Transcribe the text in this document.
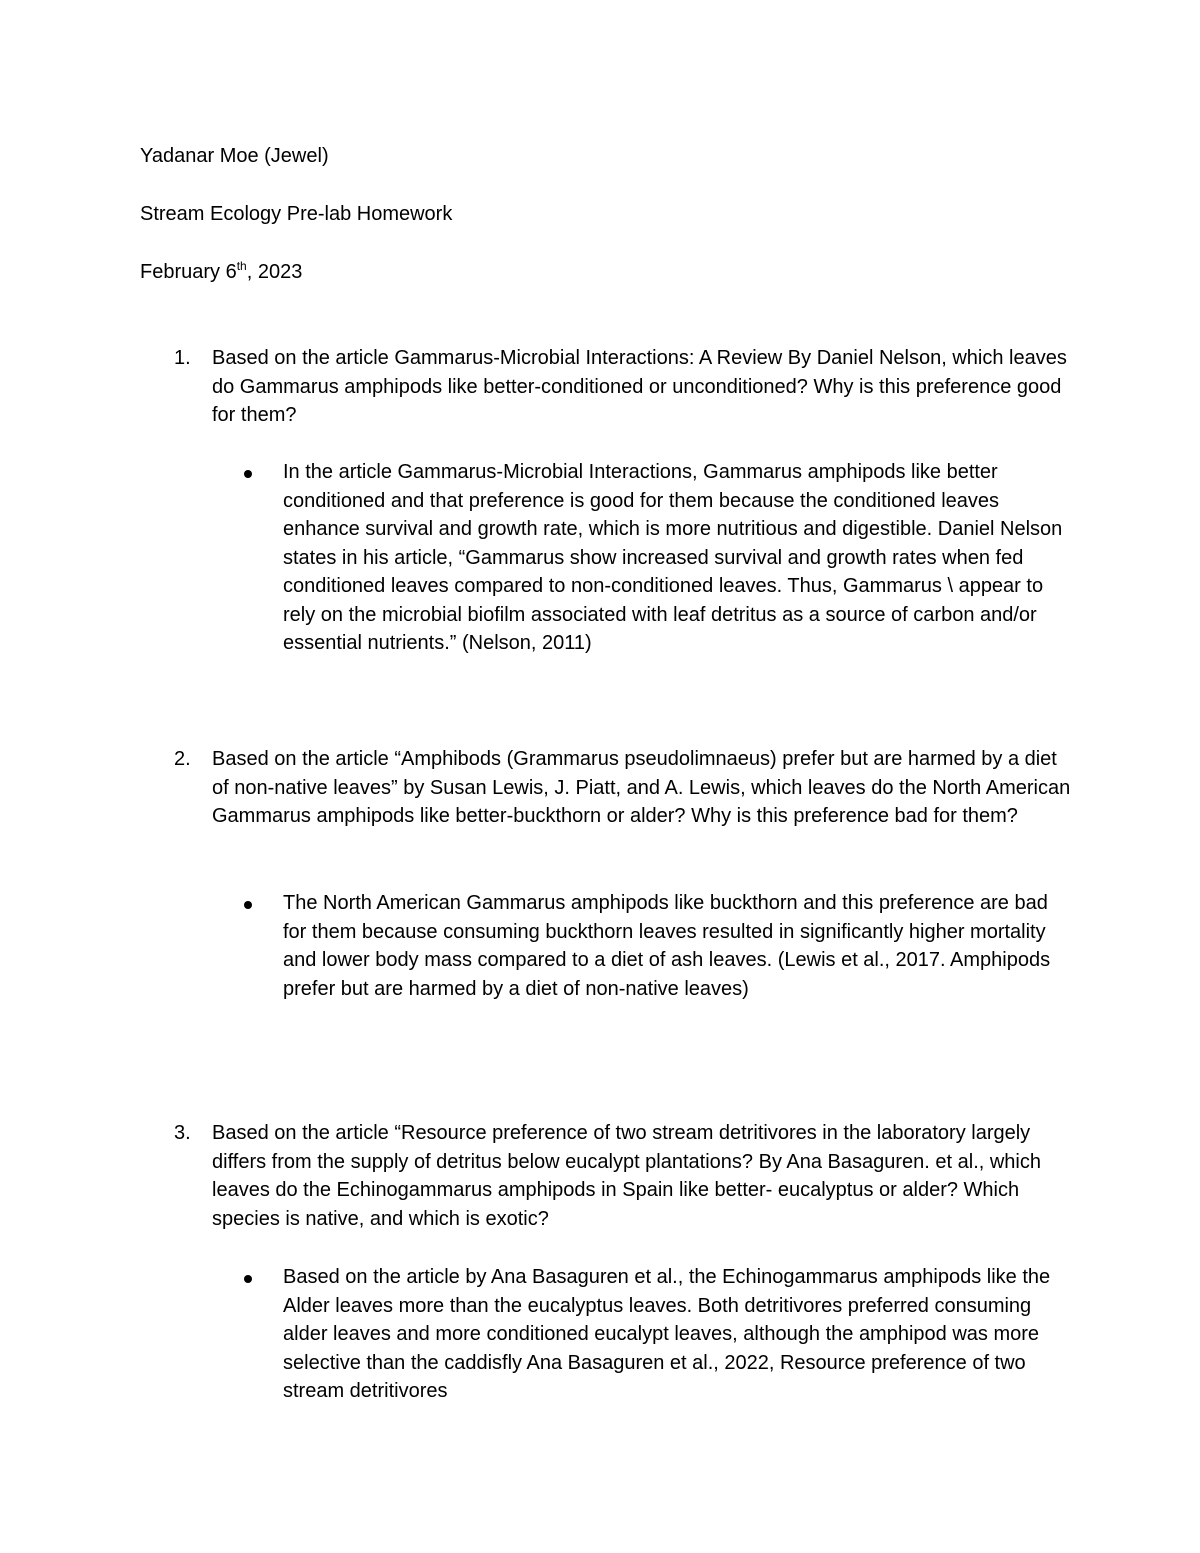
Yadanar Moe (Jewel)
Stream Ecology Pre-lab Homework
February 6th, 2023
1.	Based on the article Gammarus-Microbial Interactions: A Review By Daniel Nelson, which leaves do Gammarus amphipods like better-conditioned or unconditioned? Why is this preference good for them?
In the article Gammarus-Microbial Interactions, Gammarus amphipods like better conditioned and that preference is good for them because the conditioned leaves enhance survival and growth rate, which is more nutritious and digestible. Daniel Nelson states in his article, “Gammarus show increased survival and growth rates when fed conditioned leaves compared to non-conditioned leaves. Thus, Gammarus \ appear to rely on the microbial biofilm associated with leaf detritus as a source of carbon and/or essential nutrients.” (Nelson, 2011)
2.	Based on the article “Amphibods (Grammarus pseudolimnaeus) prefer but are harmed by a diet of non-native leaves” by Susan Lewis, J. Piatt, and A. Lewis, which leaves do the North American Gammarus amphipods like better-buckthorn or alder? Why is this preference bad for them?
The North American Gammarus amphipods like buckthorn and this preference are bad for them because consuming buckthorn leaves resulted in significantly higher mortality and lower body mass compared to a diet of ash leaves. (Lewis et al., 2017. Amphipods prefer but are harmed by a diet of non-native leaves)
3.	Based on the article “Resource preference of two stream detritivores in the laboratory largely differs from the supply of detritus below eucalypt plantations? By Ana Basaguren. et al., which leaves do the Echinogammarus amphipods in Spain like better- eucalyptus or alder? Which species is native, and which is exotic?
Based on the article by Ana Basaguren et al., the Echinogammarus amphipods like the Alder leaves more than the eucalyptus leaves. Both detritivores preferred consuming alder leaves and more conditioned eucalypt leaves, although the amphipod was more selective than the caddisfly Ana Basaguren et al., 2022, Resource preference of two stream detritivores
